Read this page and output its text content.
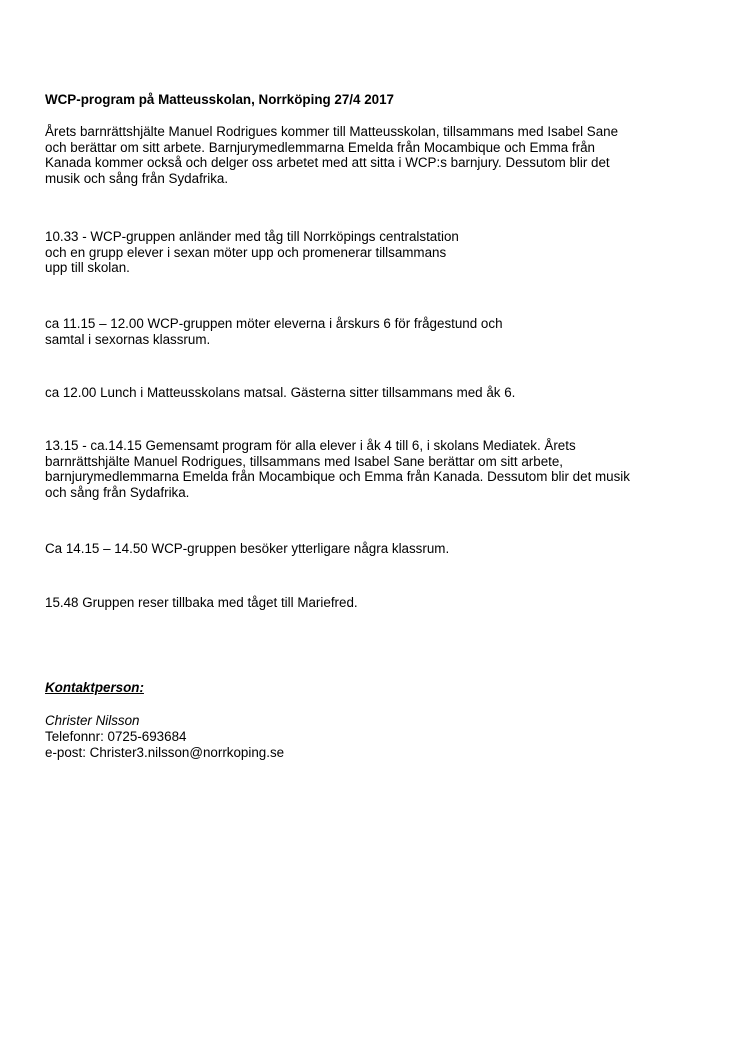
WCP-program på Matteusskolan, Norrköping 27/4 2017

Årets barnrättshjälte Manuel Rodrigues kommer till Matteusskolan, tillsammans med Isabel Sane
och berättar om sitt arbete. Barnjurymedlemmarna Emelda från Mocambique och Emma från
Kanada kommer också och delger oss arbetet med att sitta i WCP:s barnjury. Dessutom blir det
musik och sång från Sydafrika.

10.33 - WCP-gruppen anländer med tåg till Norrköpings centralstation
och en grupp elever i sexan möter upp och promenerar tillsammans
upp till skolan.

ca 11.15 – 12.00 WCP-gruppen möter eleverna i årskurs 6 för frågestund och
samtal i sexornas klassrum.

ca 12.00 Lunch i Matteusskolans matsal. Gästerna sitter tillsammans med åk 6.

13.15 - ca.14.15 Gemensamt program för alla elever i åk 4 till 6, i skolans Mediatek. Årets
barnrättshjälte Manuel Rodrigues, tillsammans med Isabel Sane berättar om sitt arbete,
barnjurymedlemmarna Emelda från Mocambique och Emma från Kanada. Dessutom blir det musik
och sång från Sydafrika.

Ca 14.15 – 14.50 WCP-gruppen besöker ytterligare några klassrum.

15.48 Gruppen reser tillbaka med tåget till Mariefred.

Kontaktperson:

Christer Nilsson

Telefonnr: 0725-693684

e-post: Christer3.nilsson@norrkoping.se
